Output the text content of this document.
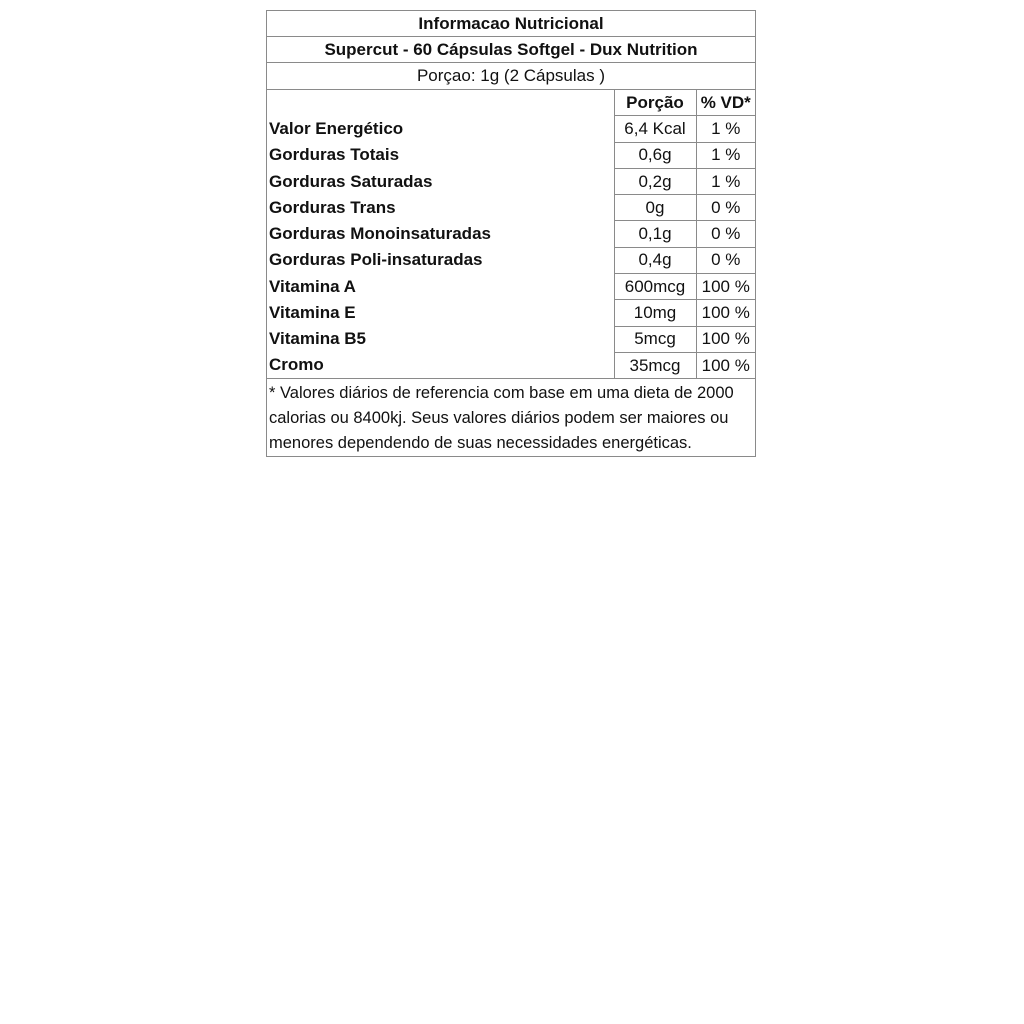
Informacao Nutricional
Supercut - 60 Cápsulas Softgel - Dux Nutrition
Porçao: 1g (2 Cápsulas )
	Porção	% VD*
Valor Energético	6,4 Kcal	1 %
Gorduras Totais	0,6g	1 %
Gorduras Saturadas	0,2g	1 %
Gorduras Trans	0g	0 %
Gorduras Monoinsaturadas	0,1g	0 %
Gorduras Poli-insaturadas	0,4g	0 %
Vitamina A	600mcg	100 %
Vitamina E	10mg	100 %
Vitamina B5	5mcg	100 %
Cromo	35mcg	100 %
* Valores diários de referencia com base em uma dieta de 2000 calorias ou 8400kj. Seus valores diários podem ser maiores ou menores dependendo de suas necessidades energéticas.
